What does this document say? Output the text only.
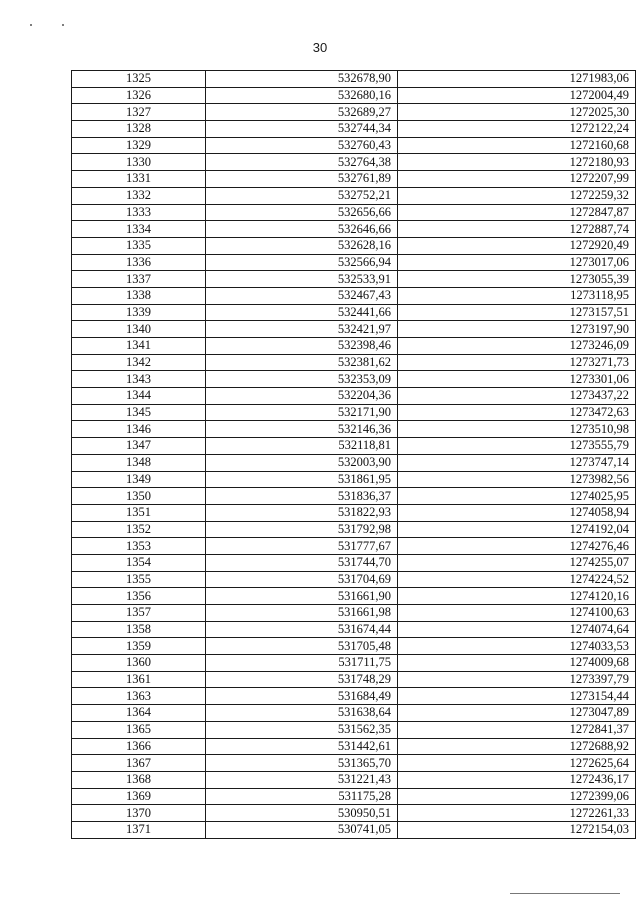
30
1325	532678,90	1271983,06
1326	532680,16	1272004,49
1327	532689,27	1272025,30
1328	532744,34	1272122,24
1329	532760,43	1272160,68
1330	532764,38	1272180,93
1331	532761,89	1272207,99
1332	532752,21	1272259,32
1333	532656,66	1272847,87
1334	532646,66	1272887,74
1335	532628,16	1272920,49
1336	532566,94	1273017,06
1337	532533,91	1273055,39
1338	532467,43	1273118,95
1339	532441,66	1273157,51
1340	532421,97	1273197,90
1341	532398,46	1273246,09
1342	532381,62	1273271,73
1343	532353,09	1273301,06
1344	532204,36	1273437,22
1345	532171,90	1273472,63
1346	532146,36	1273510,98
1347	532118,81	1273555,79
1348	532003,90	1273747,14
1349	531861,95	1273982,56
1350	531836,37	1274025,95
1351	531822,93	1274058,94
1352	531792,98	1274192,04
1353	531777,67	1274276,46
1354	531744,70	1274255,07
1355	531704,69	1274224,52
1356	531661,90	1274120,16
1357	531661,98	1274100,63
1358	531674,44	1274074,64
1359	531705,48	1274033,53
1360	531711,75	1274009,68
1361	531748,29	1273397,79
1363	531684,49	1273154,44
1364	531638,64	1273047,89
1365	531562,35	1272841,37
1366	531442,61	1272688,92
1367	531365,70	1272625,64
1368	531221,43	1272436,17
1369	531175,28	1272399,06
1370	530950,51	1272261,33
1371	530741,05	1272154,03
